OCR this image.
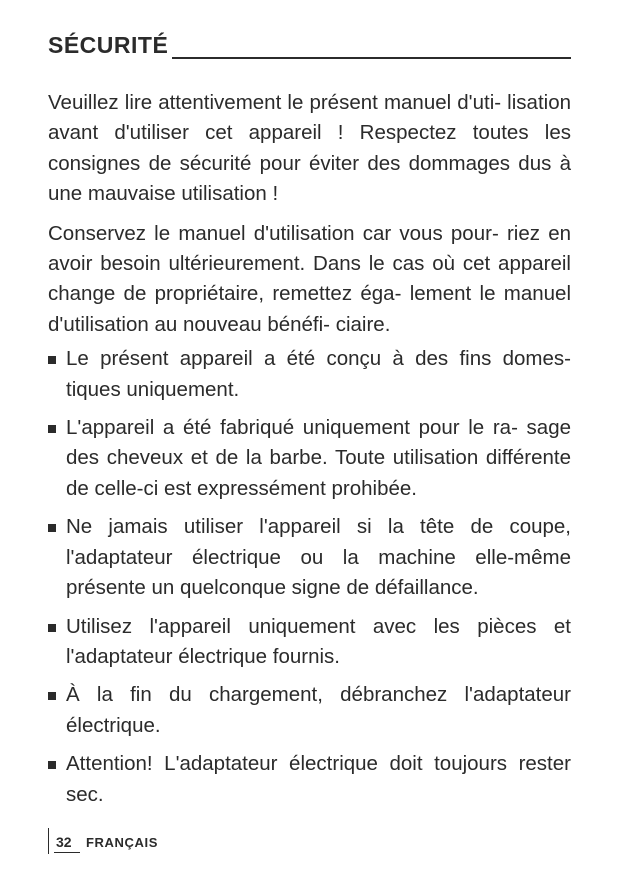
SÉCURITÉ

Veuillez lire attentivement le présent manuel d'uti- lisation avant d'utiliser cet appareil ! Respectez toutes les consignes de sécurité pour éviter des dommages dus à une mauvaise utilisation !

Conservez le manuel d'utilisation car vous pour- riez en avoir besoin ultérieurement. Dans le cas où cet appareil change de propriétaire, remettez éga- lement le manuel d'utilisation au nouveau bénéfi- ciaire.

Le présent appareil a été conçu à des fins domes- tiques uniquement.
L'appareil a été fabriqué uniquement pour le ra- sage des cheveux et de la barbe. Toute utilisation différente de celle-ci est expressément prohibée.
Ne jamais utiliser l'appareil si la tête de coupe, l'adaptateur électrique ou la machine elle-même présente un quelconque signe de défaillance.
Utilisez l'appareil uniquement avec les pièces et l'adaptateur électrique fournis.
À la fin du chargement, débranchez l'adaptateur électrique.
Attention! L'adaptateur électrique doit toujours rester sec.
32 FRANÇAIS
